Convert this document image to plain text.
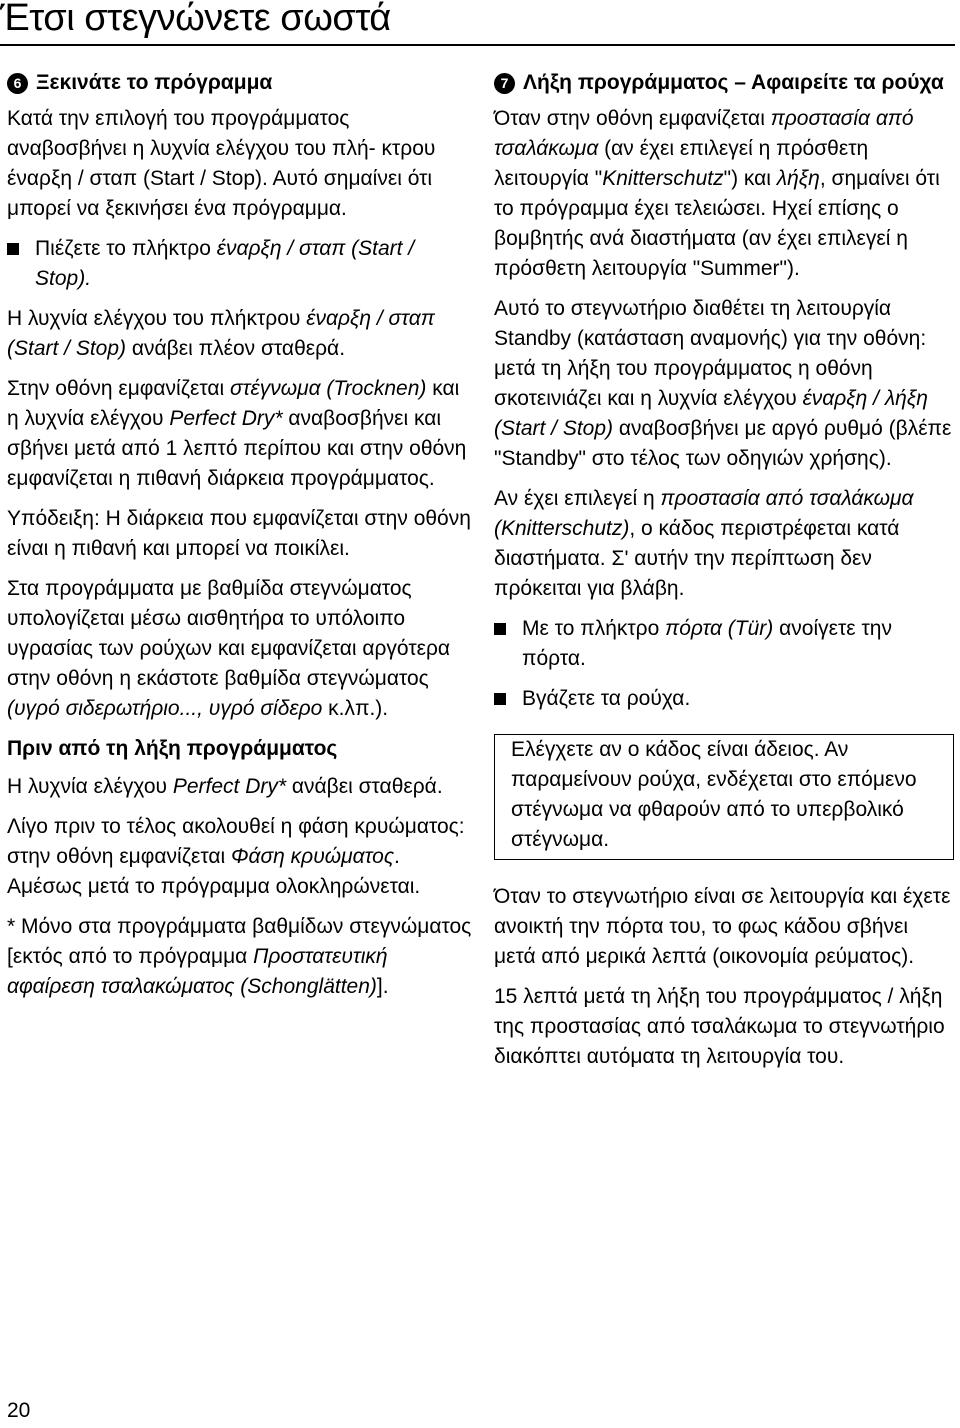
Έτσι στεγνώνετε σωστά
6 Ξεκινάτε το πρόγραμμα

Κατά την επιλογή του προγράμματος αναβοσβήνει η λυχνία ελέγχου του πλή- κτρου έναρξη / σταπ (Start / Stop). Αυτό σημαίνει ότι μπορεί να ξεκινήσει ένα πρόγραμμα.

Πιέζετε το πλήκτρο έναρξη / σταπ (Start / Stop).

Η λυχνία ελέγχου του πλήκτρου έναρξη / σταπ (Start / Stop) ανάβει πλέον σταθερά.

Στην οθόνη εμφανίζεται στέγνωμα (Trocknen) και η λυχνία ελέγχου Perfect Dry* αναβοσβήνει και σβήνει μετά από 1 λεπτό περίπου και στην οθόνη εμφανίζεται η πιθανή διάρκεια προγράμματος.

Υπόδειξη: Η διάρκεια που εμφανίζεται στην οθόνη είναι η πιθανή και μπορεί να ποικίλει.

Στα προγράμματα με βαθμίδα στεγνώματος υπολογίζεται μέσω αισθητήρα το υπόλοιπο υγρασίας των ρούχων και εμφανίζεται αργότερα στην οθόνη η εκάστοτε βαθμίδα στεγνώματος (υγρό σιδερωτήριο..., υγρό σίδερο κ.λπ.).

Πριν από τη λήξη προγράμματος

Η λυχνία ελέγχου Perfect Dry* ανάβει σταθερά.

Λίγο πριν το τέλος ακολουθεί η φάση κρυώματος: στην οθόνη εμφανίζεται Φάση κρυώματος. Αμέσως μετά το πρόγραμμα ολοκληρώνεται.

* Μόνο στα προγράμματα βαθμίδων στεγνώματος [εκτός από το πρόγραμμα Προστατευτική αφαίρεση τσαλακώματος (Schonglätten)].

7 Λήξη προγράμματος – Αφαιρείτε τα ρούχα

Όταν στην οθόνη εμφανίζεται προστασία από τσαλάκωμα (αν έχει επιλεγεί η πρόσθετη λειτουργία "Knitterschutz") και λήξη, σημαίνει ότι το πρόγραμμα έχει τελειώσει. Ηχεί επίσης ο βομβητής ανά διαστήματα (αν έχει επιλεγεί η πρόσθετη λειτουργία "Summer").

Αυτό το στεγνωτήριο διαθέτει τη λειτουργία Standby (κατάσταση αναμονής) για την οθόνη: μετά τη λήξη του προγράμματος η οθόνη σκοτεινιάζει και η λυχνία ελέγχου έναρξη / λήξη (Start / Stop) αναβοσβήνει με αργό ρυθμό (βλέπε "Standby" στο τέλος των οδηγιών χρήσης).

Αν έχει επιλεγεί η προστασία από τσαλάκωμα (Knitterschutz), ο κάδος περιστρέφεται κατά διαστήματα. Σ' αυτήν την περίπτωση δεν πρόκειται για βλάβη.

Με το πλήκτρο πόρτα (Tür) ανοίγετε την πόρτα.
Βγάζετε τα ρούχα.

Ελέγχετε αν ο κάδος είναι άδειος. Αν παραμείνουν ρούχα, ενδέχεται στο επόμενο στέγνωμα να φθαρούν από το υπερβολικό στέγνωμα.

Όταν το στεγνωτήριο είναι σε λειτουργία και έχετε ανοικτή την πόρτα του, το φως κάδου σβήνει μετά από μερικά λεπτά (οικονομία ρεύματος).

15 λεπτά μετά τη λήξη του προγράμματος / λήξη της προστασίας από τσαλάκωμα το στεγνωτήριο διακόπτει αυτόματα τη λειτουργία του.

20
